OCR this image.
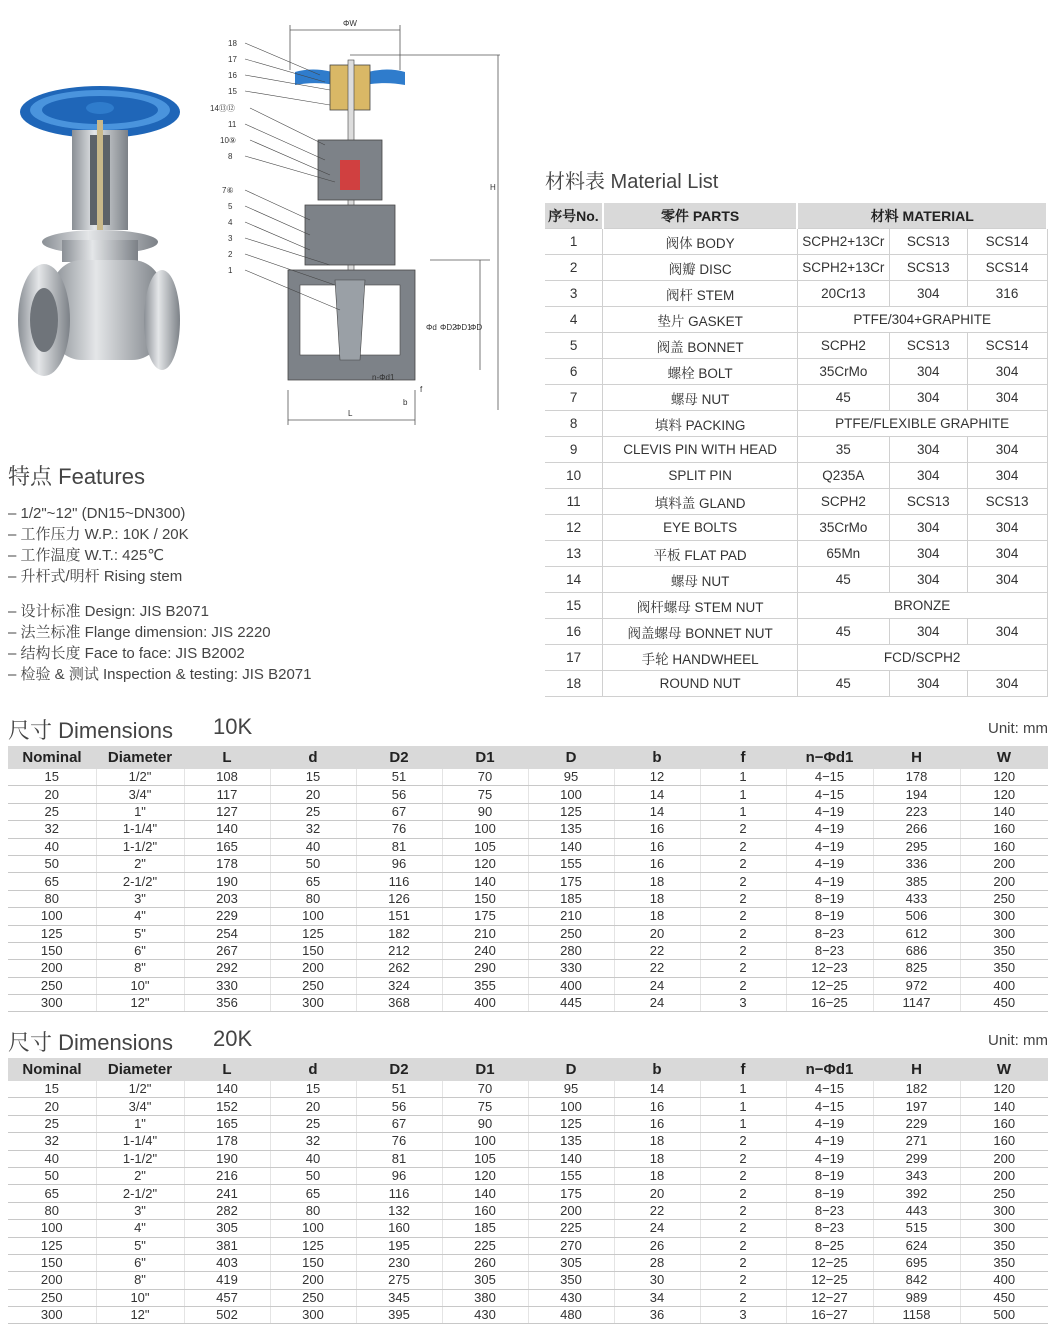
18
17
16
15
14⑬⑫
11
10⑨
8
7⑥
5
4
3
2
1
ΦW
H
Φd ΦD2
ΦD1
ΦD
L
n-Φd1
b
f
特点 Features
– 1/2"~12" (DN15~DN300)
– 工作压力 W.P.: 10K / 20K
– 工作温度 W.T.: 425℃
– 升杆式/明杆 Rising stem
– 设计标准 Design: JIS B2071
– 法兰标准 Flange dimension: JIS 2220
– 结构长度 Face to face: JIS B2002
– 检验 & 测试 Inspection & testing: JIS B2071
材料表 Material List
序号No.	零件 PARTS	材料 MATERIAL		
1	阀体 BODY	SCPH2+13Cr	SCS13	SCS14
2	阀瓣 DISC	SCPH2+13Cr	SCS13	SCS14
3	阀杆 STEM	20Cr13	304	316
4	垫片 GASKET	PTFE/304+GRAPHITE		
5	阀盖 BONNET	SCPH2	SCS13	SCS14
6	螺栓 BOLT	35CrMo	304	304
7	螺母 NUT	45	304	304
8	填料 PACKING	PTFE/FLEXIBLE GRAPHITE		
9	CLEVIS PIN WITH HEAD	35	304	304
10	SPLIT PIN	Q235A	304	304
11	填料盖 GLAND	SCPH2	SCS13	SCS13
12	EYE BOLTS	35CrMo	304	304
13	平板 FLAT PAD	65Mn	304	304
14	螺母 NUT	45	304	304
15	阀杆螺母 STEM NUT	BRONZE		
16	阀盖螺母 BONNET NUT	45	304	304
17	手轮 HANDWHEEL	FCD/SCPH2		
18	ROUND NUT	45	304	304
尺寸 Dimensions 10K	Unit: mm
Nominal	Diameter	L	d	D2	D1	D	b	f	n−Φd1	H	W
15	1/2"	108	15	51	70	95	12	1	4−15	178	120
20	3/4"	117	20	56	75	100	14	1	4−15	194	120
25	1"	127	25	67	90	125	14	1	4−19	223	140
32	1-1/4"	140	32	76	100	135	16	2	4−19	266	160
40	1-1/2"	165	40	81	105	140	16	2	4−19	295	160
50	2"	178	50	96	120	155	16	2	4−19	336	200
65	2-1/2"	190	65	116	140	175	18	2	4−19	385	200
80	3"	203	80	126	150	185	18	2	8−19	433	250
100	4"	229	100	151	175	210	18	2	8−19	506	300
125	5"	254	125	182	210	250	20	2	8−23	612	300
150	6"	267	150	212	240	280	22	2	8−23	686	350
200	8"	292	200	262	290	330	22	2	12−23	825	350
250	10"	330	250	324	355	400	24	2	12−25	972	400
300	12"	356	300	368	400	445	24	3	16−25	1147	450
尺寸 Dimensions 20K	Unit: mm
Nominal	Diameter	L	d	D2	D1	D	b	f	n−Φd1	H	W
15	1/2"	140	15	51	70	95	14	1	4−15	182	120
20	3/4"	152	20	56	75	100	16	1	4−15	197	140
25	1"	165	25	67	90	125	16	1	4−19	229	160
32	1-1/4"	178	32	76	100	135	18	2	4−19	271	160
40	1-1/2"	190	40	81	105	140	18	2	4−19	299	200
50	2"	216	50	96	120	155	18	2	8−19	343	200
65	2-1/2"	241	65	116	140	175	20	2	8−19	392	250
80	3"	282	80	132	160	200	22	2	8−23	443	300
100	4"	305	100	160	185	225	24	2	8−23	515	300
125	5"	381	125	195	225	270	26	2	8−25	624	350
150	6"	403	150	230	260	305	28	2	12−25	695	350
200	8"	419	200	275	305	350	30	2	12−25	842	400
250	10"	457	250	345	380	430	34	2	12−27	989	450
300	12"	502	300	395	430	480	36	3	16−27	1158	500
